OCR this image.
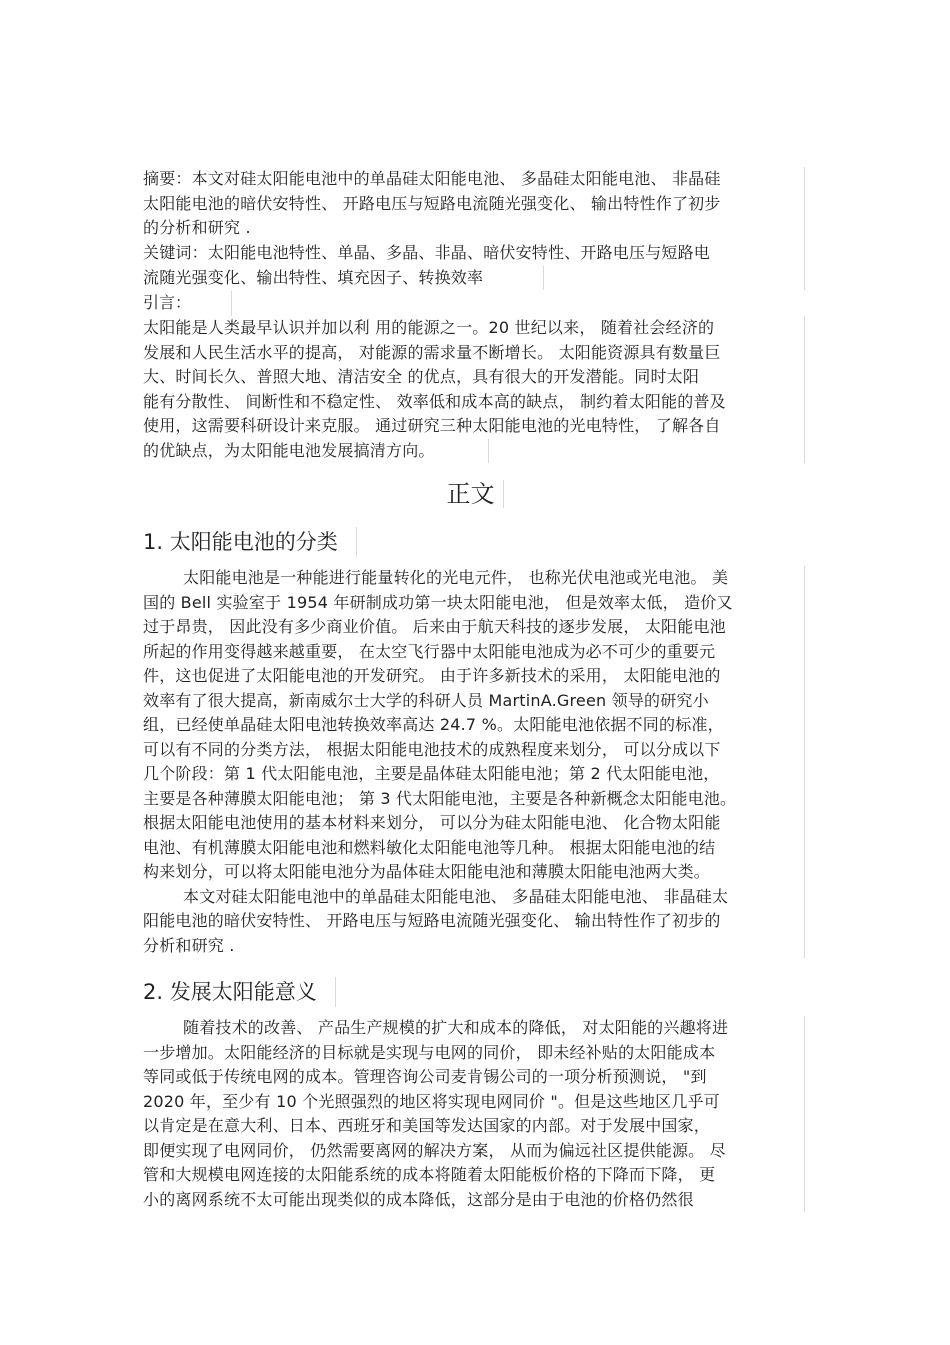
摘要：本文对硅太阳能电池中的单晶硅太阳能电池、 多晶硅太阳能电池、 非晶硅
太阳能电池的暗伏安特性、 开路电压与短路电流随光强变化、 输出特性作了初步
的分析和研究 .
关键词：太阳能电池特性、单晶、多晶、非晶、暗伏安特性、开路电压与短路电
流随光强变化、输出特性、填充因子、转换效率
引言：
太阳能是人类最早认识并加以利 用的能源之一。20 世纪以来， 随着社会经济的
发展和人民生活水平的提高， 对能源的需求量不断增长。 太阳能资源具有数量巨
大、时间长久、普照大地、清洁安全 的优点，具有很大的开发潜能。同时太阳
能有分散性、 间断性和不稳定性、 效率低和成本高的缺点， 制约着太阳能的普及
使用，这需要科研设计来克服。 通过研究三种太阳能电池的光电特性， 了解各自
的优缺点，为太阳能电池发展搞清方向。
正文
1. 太阳能电池的分类
太阳能电池是一种能进行能量转化的光电元件， 也称光伏电池或光电池。 美
国的 Bell 实验室于 1954 年研制成功第一块太阳能电池， 但是效率太低， 造价又
过于昂贵， 因此没有多少商业价值。 后来由于航天科技的逐步发展， 太阳能电池
所起的作用变得越来越重要， 在太空飞行器中太阳能电池成为必不可少的重要元
件，这也促进了太阳能电池的开发研究。 由于许多新技术的采用， 太阳能电池的
效率有了很大提高，新南威尔士大学的科研人员 MartinA.Green 领导的研究小
组，已经使单晶硅太阳电池转换效率高达 24.7 %。太阳能电池依据不同的标准，
可以有不同的分类方法， 根据太阳能电池技术的成熟程度来划分， 可以分成以下
几个阶段：第 1 代太阳能电池，主要是晶体硅太阳能电池；第 2 代太阳能电池，
主要是各种薄膜太阳能电池； 第 3 代太阳能电池，主要是各种新概念太阳能电池。
根据太阳能电池使用的基本材料来划分， 可以分为硅太阳能电池、 化合物太阳能
电池、有机薄膜太阳能电池和燃料敏化太阳能电池等几种。 根据太阳能电池的结
构来划分，可以将太阳能电池分为晶体硅太阳能电池和薄膜太阳能电池两大类。
本文对硅太阳能电池中的单晶硅太阳能电池、 多晶硅太阳能电池、 非晶硅太
阳能电池的暗伏安特性、 开路电压与短路电流随光强变化、 输出特性作了初步的
分析和研究 .
2. 发展太阳能意义
随着技术的改善、 产品生产规模的扩大和成本的降低， 对太阳能的兴趣将进
一步增加。太阳能经济的目标就是实现与电网的同价， 即未经补贴的太阳能成本
等同或低于传统电网的成本。管理咨询公司麦肯锡公司的一项分析预测说， "到
2020 年，至少有 10 个光照强烈的地区将实现电网同价 "。但是这些地区几乎可
以肯定是在意大利、日本、西班牙和美国等发达国家的内部。对于发展中国家，
即便实现了电网同价， 仍然需要离网的解决方案， 从而为偏远社区提供能源。 尽
管和大规模电网连接的太阳能系统的成本将随着太阳能板价格的下降而下降， 更
小的离网系统不太可能出现类似的成本降低，这部分是由于电池的价格仍然很
